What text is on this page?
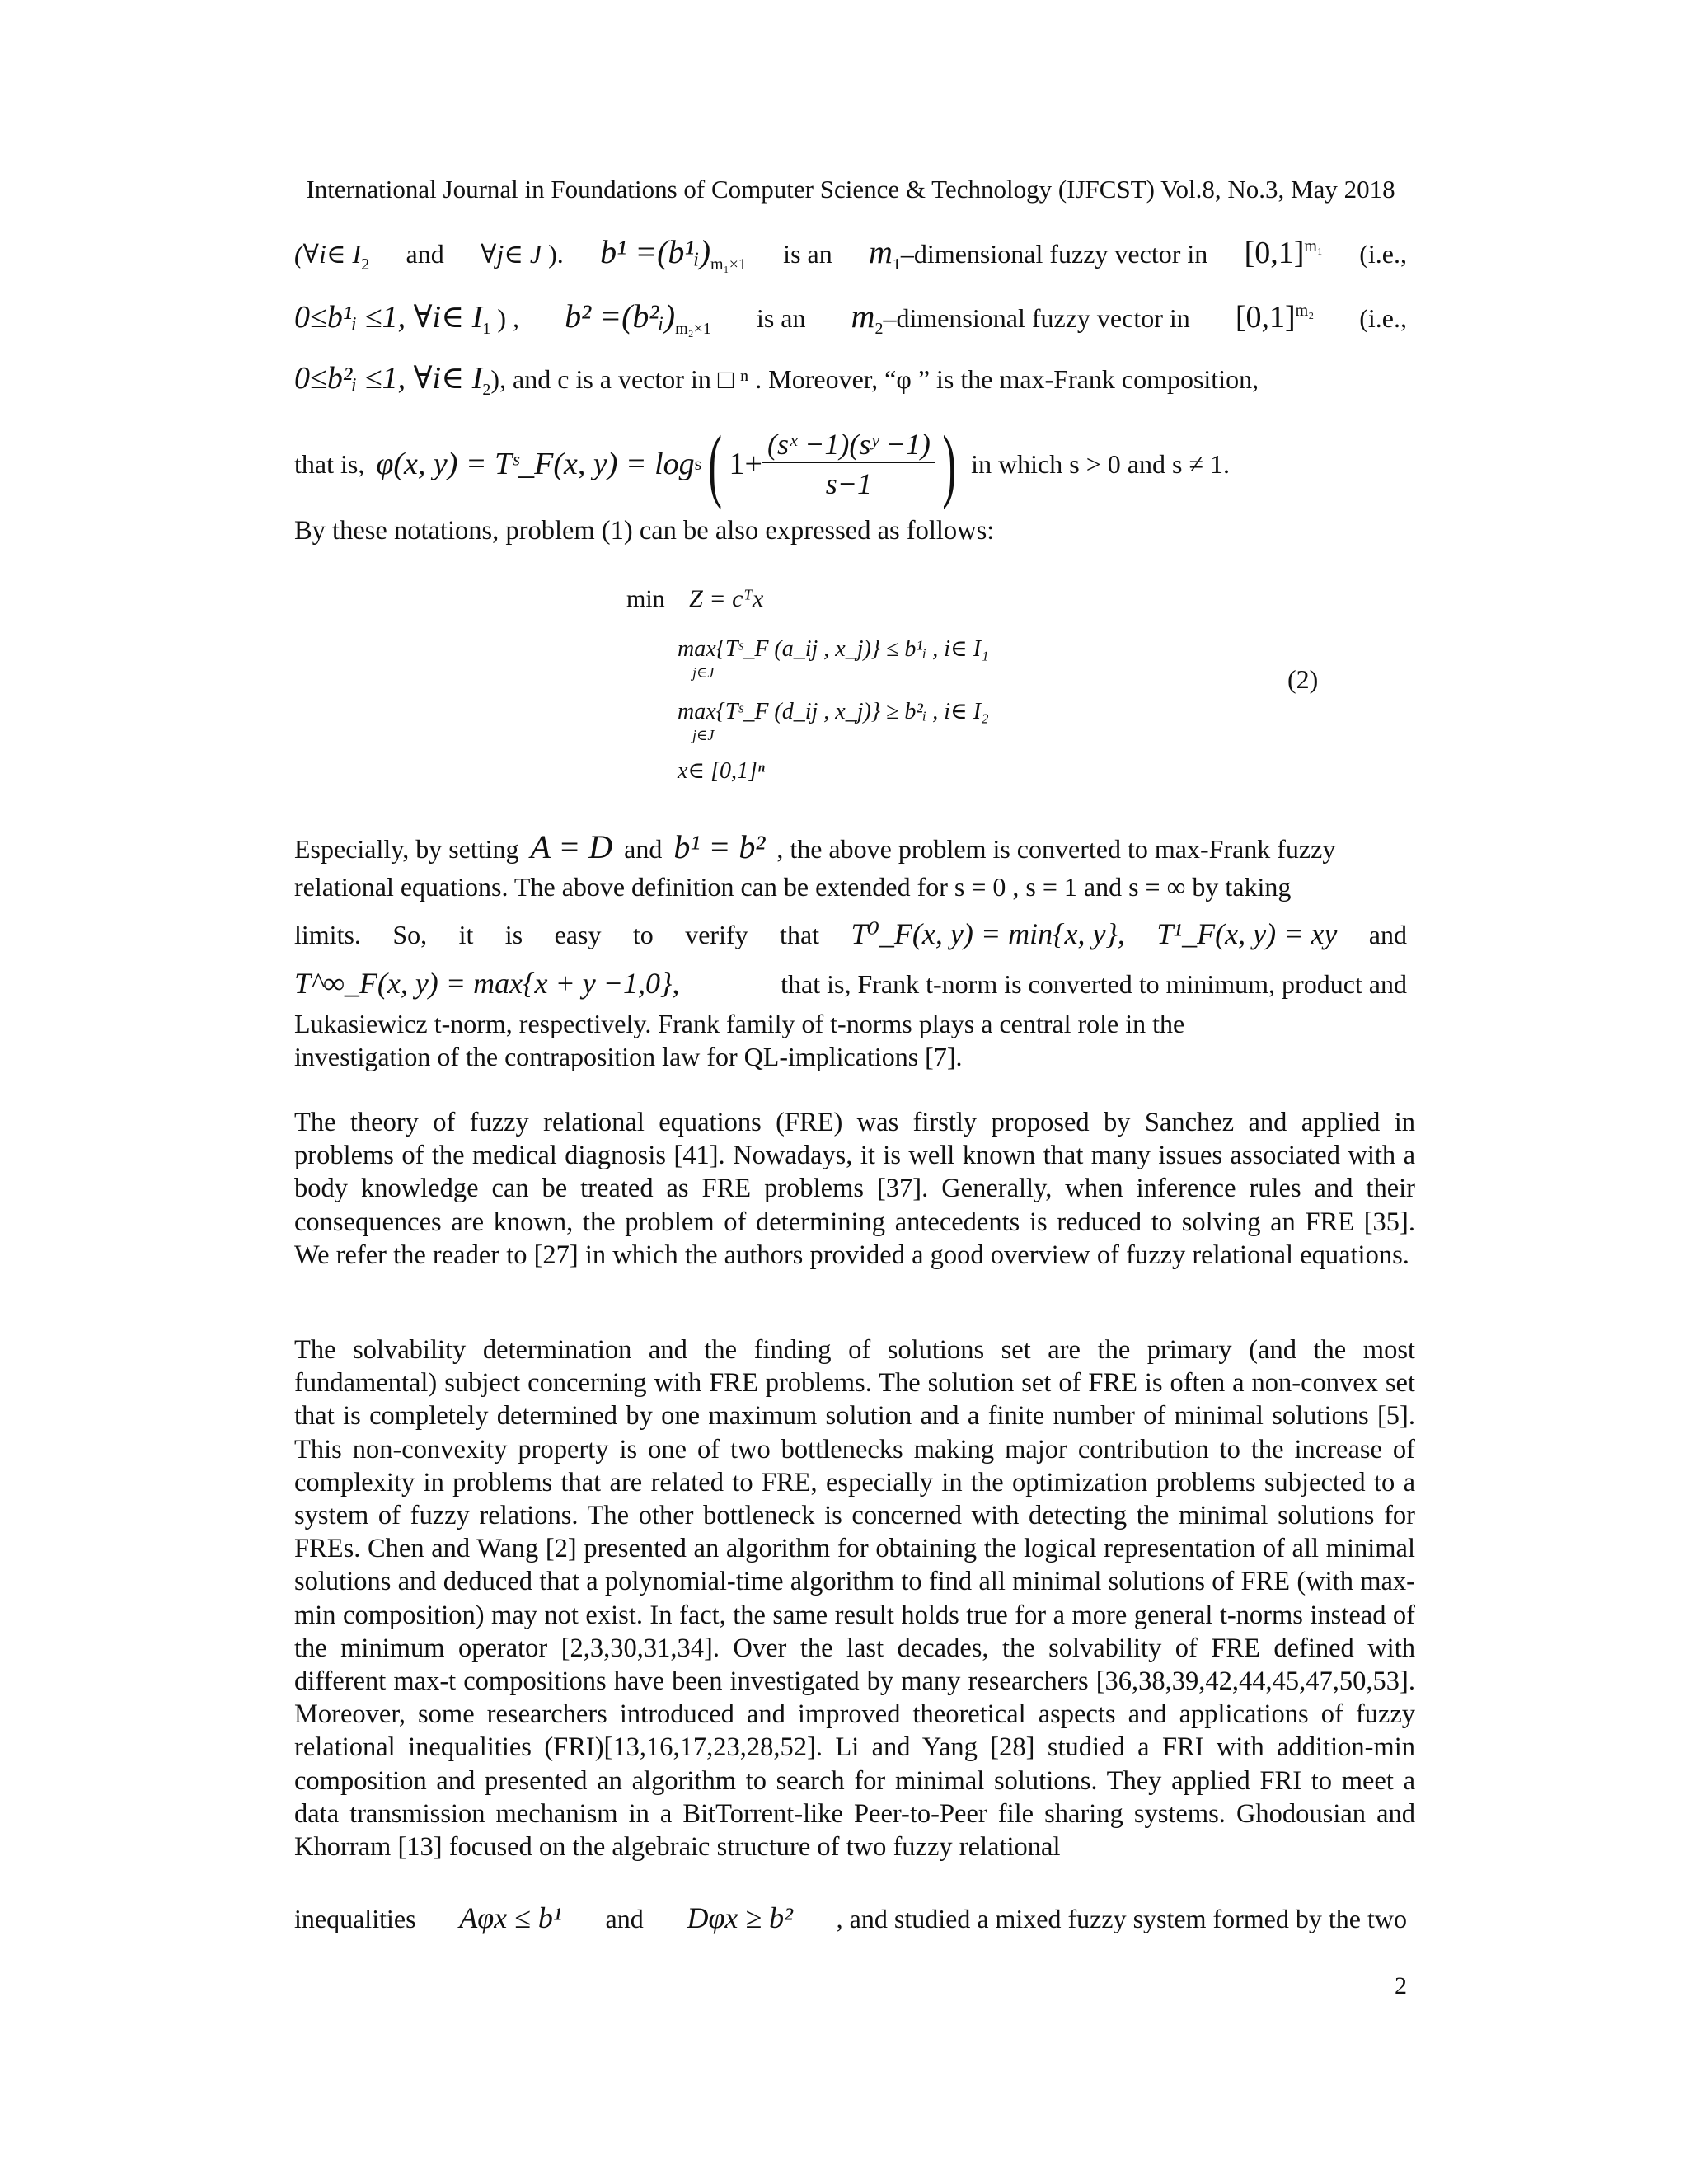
International Journal in Foundations of Computer Science & Technology (IJFCST) Vol.8, No.3, May 2018
(∀i∈ $I_2$ and ∀j∈ J ). $b^1 =(b^1ᵢ)_{m_1\times 1}$ is an $m_1$–dimensional fuzzy vector in $[0,1]^{m_1}$ (i.e.,
0≤b¹ᵢ ≤1, ∀i∈ $I_1$ ) , $b^2 =(b^2ᵢ)_{m_2\times 1}$ is an $m_2$–dimensional fuzzy vector in $[0,1]^{m_2}$ (i.e.,
0≤b²ᵢ ≤1, ∀i∈ $I_2$ ), and c is a vector in □ ⁿ . Moreover, “φ ” is the max-Frank composition,
that is, φ(x, y) = Tˢ_F(x, y) = log s ( $1+ \frac{\text{(sˣ −1)(sʸ −1)}}{s-1}$ ) in which s > 0 and s ≠ 1.
By these notations, problem (1) can be also expressed as follows:
min Z = cᵀx
max{Tˢ_F (a_ij , x_j)} ≤ b¹ᵢ , i∈ I₁
j∈J
max{Tˢ_F (d_ij , x_j)} ≥ b²ᵢ , i∈ I₂
j∈J
x∈ [0,1]ⁿ
(2)
Especially, by setting A = D and b¹ = b² , the above problem is converted to max-Frank fuzzy
relational equations. The above definition can be extended for s = 0 , s = 1 and s = ∞ by taking
limits. So, it is easy to verify that T⁰_F(x, y) = min{x, y}, T¹_F(x, y) = xy and
T^∞_F(x, y) = max{x + y −1,0},	that is, Frank t-norm is converted to minimum, product and
Lukasiewicz t-norm, respectively. Frank family of t-norms plays a central role in the
investigation of the contraposition law for QL-implications [7].
The theory of fuzzy relational equations (FRE) was firstly proposed by Sanchez and applied in problems of the medical diagnosis [41]. Nowadays, it is well known that many issues associated with a body knowledge can be treated as FRE problems [37]. Generally, when inference rules and their consequences are known, the problem of determining antecedents is reduced to solving an FRE [35]. We refer the reader to [27] in which the authors provided a good overview of fuzzy relational equations.
The solvability determination and the finding of solutions set are the primary (and the most fundamental) subject concerning with FRE problems. The solution set of FRE is often a non-convex set that is completely determined by one maximum solution and a finite number of minimal solutions [5]. This non-convexity property is one of two bottlenecks making major contribution to the increase of complexity in problems that are related to FRE, especially in the optimization problems subjected to a system of fuzzy relations. The other bottleneck is concerned with detecting the minimal solutions for FREs. Chen and Wang [2] presented an algorithm for obtaining the logical representation of all minimal solutions and deduced that a polynomial-time algorithm to find all minimal solutions of FRE (with max-min composition) may not exist. In fact, the same result holds true for a more general t-norms instead of the minimum operator [2,3,30,31,34]. Over the last decades, the solvability of FRE defined with different max-t compositions have been investigated by many researchers [36,38,39,42,44,45,47,50,53]. Moreover, some researchers introduced and improved theoretical aspects and applications of fuzzy relational inequalities (FRI)[13,16,17,23,28,52]. Li and Yang [28] studied a FRI with addition-min composition and presented an algorithm to search for minimal solutions. They applied FRI to meet a data transmission mechanism in a BitTorrent-like Peer-to-Peer file sharing systems. Ghodousian and Khorram [13] focused on the algebraic structure of two fuzzy relational
inequalities Aφx ≤ b¹ and Dφx ≥ b² , and studied a mixed fuzzy system formed by the two
2
